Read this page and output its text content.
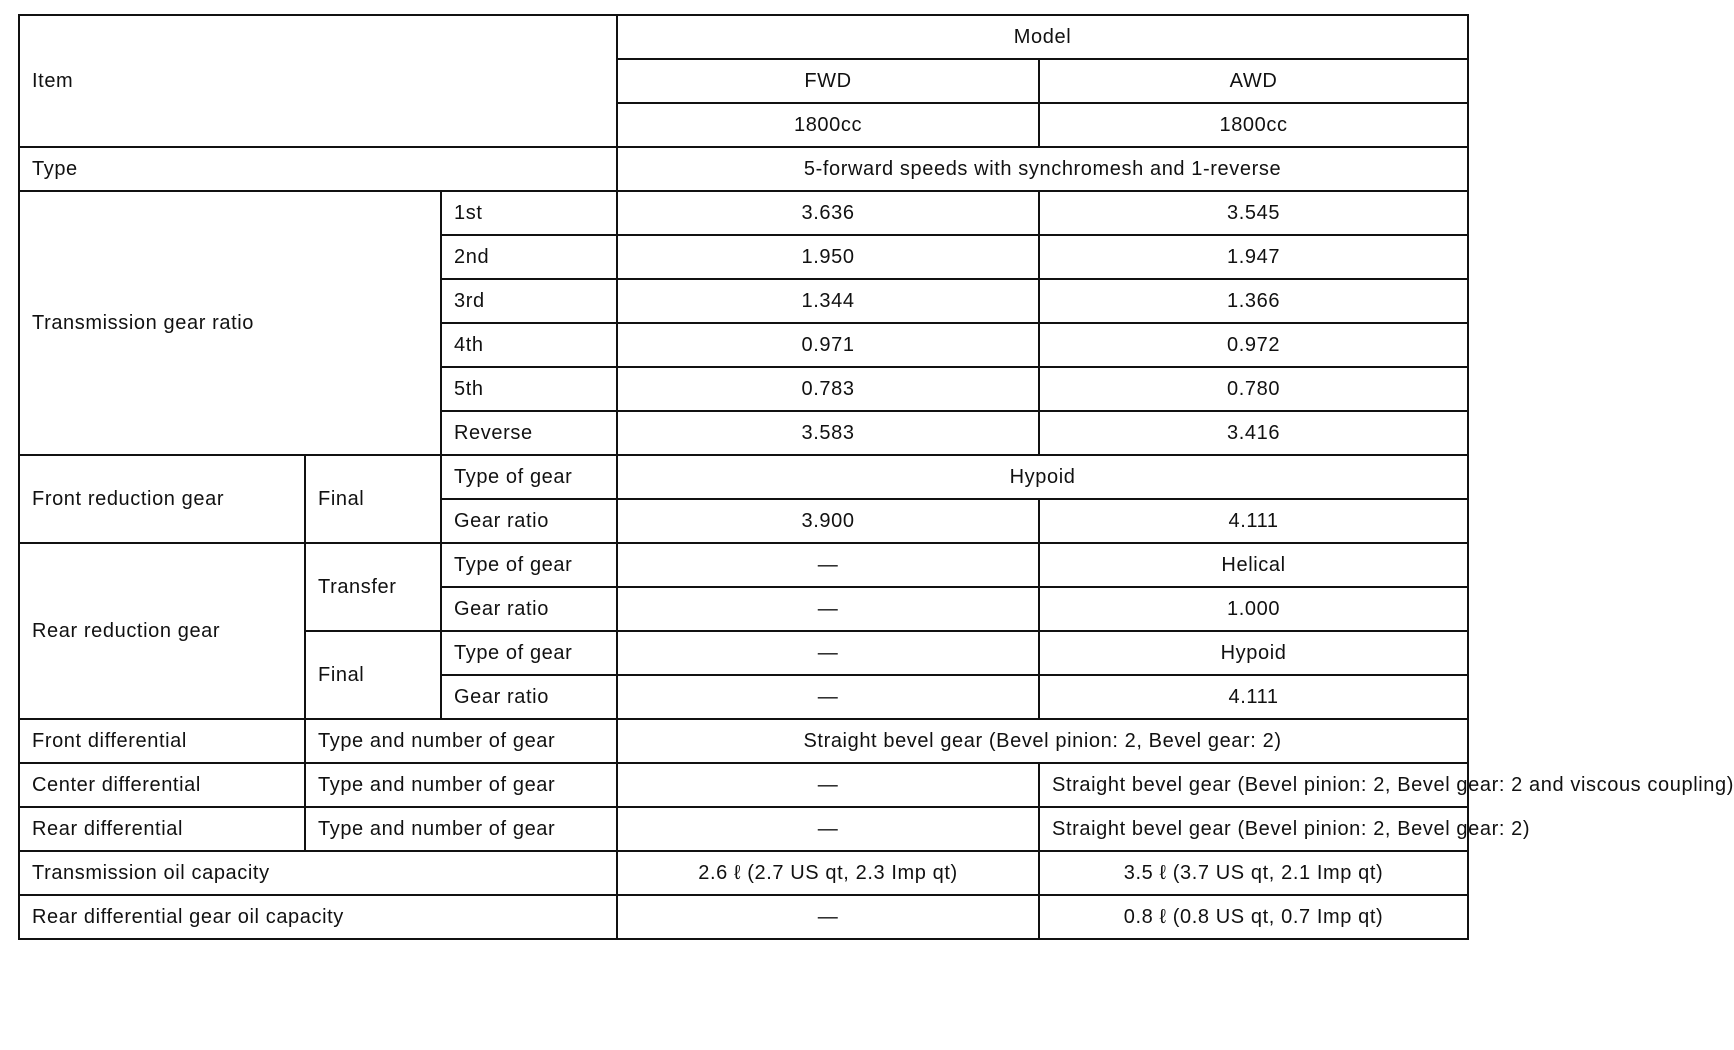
Item			Model	
			FWD	AWD
			1800cc	1800cc
Type			5-forward speeds with synchromesh and 1-reverse	
Transmission gear ratio		1st	3.636	3.545
		2nd	1.950	1.947
		3rd	1.344	1.366
		4th	0.971	0.972
		5th	0.783	0.780
		Reverse	3.583	3.416
Front reduction gear	Final	Type of gear	Hypoid	
		Gear ratio	3.900	4.111
Rear reduction gear	Transfer	Type of gear	—	Helical
		Gear ratio	—	1.000
	Final	Type of gear	—	Hypoid
		Gear ratio	—	4.111
Front differential	Type and number of gear		Straight bevel gear (Bevel pinion: 2, Bevel gear: 2)	
Center differential	Type and number of gear		—	Straight bevel gear (Bevel pinion: 2, Bevel gear: 2 and viscous coupling)
Rear differential	Type and number of gear		—	Straight bevel gear (Bevel pinion: 2, Bevel gear: 2)
Transmission oil capacity			2.6 ℓ (2.7 US qt, 2.3 Imp qt)	3.5 ℓ (3.7 US qt, 2.1 Imp qt)
Rear differential gear oil capacity			—	0.8 ℓ (0.8 US qt, 0.7 Imp qt)
